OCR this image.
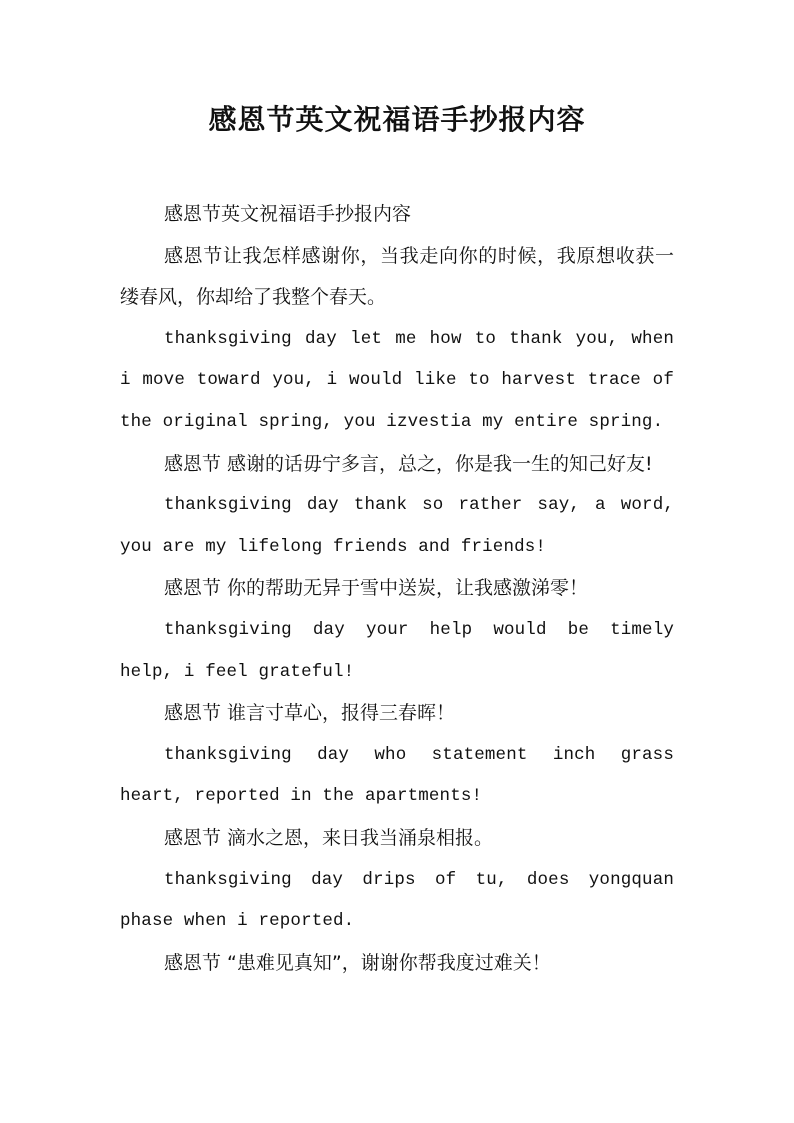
感恩节英文祝福语手抄报内容

感恩节英文祝福语手抄报内容

感恩节让我怎样感谢你，当我走向你的时候，我原想收获一缕春风，你却给了我整个春天。

thanksgiving day let me how to thank you, when i move toward you, i would like to harvest trace of the original spring, you izvestia my entire spring.

感恩节 感谢的话毋宁多言，总之，你是我一生的知己好友!

thanksgiving day thank so rather say, a word, you are my lifelong friends and friends!

感恩节 你的帮助无异于雪中送炭，让我感激涕零！

thanksgiving day your help would be timely help, i feel grateful!

感恩节 谁言寸草心，报得三春晖！

thanksgiving day who statement inch grass heart, reported in the apartments!

感恩节 滴水之恩，来日我当涌泉相报。

thanksgiving day drips of tu, does yongquan phase when i reported.

感恩节 “患难见真知”，谢谢你帮我度过难关！
